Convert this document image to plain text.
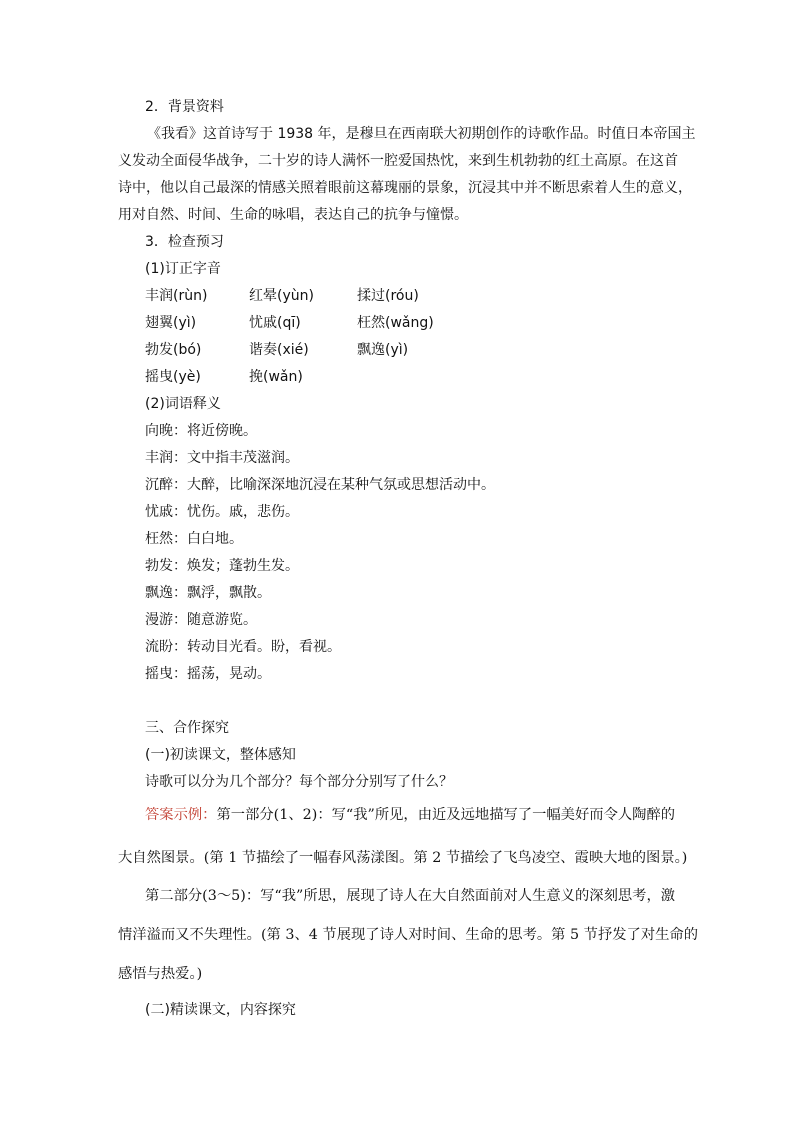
2．背景资料
《我看》这首诗写于 1938 年，是穆旦在西南联大初期创作的诗歌作品。时值日本帝国主
义发动全面侵华战争，二十岁的诗人满怀一腔爱国热忱，来到生机勃勃的红土高原。在这首
诗中，他以自己最深的情感关照着眼前这幕瑰丽的景象，沉浸其中并不断思索着人生的意义，
用对自然、时间、生命的咏唱，表达自己的抗争与憧憬。
3．检查预习
(1)订正字音
丰润(rùn)	红晕(yùn)	揉过(róu)
翅翼(yì)	忧戚(qī)	枉然(wǎng)
勃发(bó)	谐奏(xié)	飘逸(yì)
摇曳(yè)	挽(wǎn)
(2)词语释义
向晚：将近傍晚。
丰润：文中指丰茂滋润。
沉醉：大醉，比喻深深地沉浸在某种气氛或思想活动中。
忧戚：忧伤。戚，悲伤。
枉然：白白地。
勃发：焕发；蓬勃生发。
飘逸：飘浮，飘散。
漫游：随意游览。
流盼：转动目光看。盼，看视。
摇曳：摇荡，晃动。
三、合作探究
(一)初读课文，整体感知
诗歌可以分为几个部分？每个部分分别写了什么？
答案示例：第一部分(1、2)：写“我”所见，由近及远地描写了一幅美好而令人陶醉的
大自然图景。(第 1 节描绘了一幅春风荡漾图。第 2 节描绘了飞鸟凌空、霞映大地的图景。)
第二部分(3～5)：写“我”所思，展现了诗人在大自然面前对人生意义的深刻思考，激
情洋溢而又不失理性。(第 3、4 节展现了诗人对时间、生命的思考。第 5 节抒发了对生命的
感悟与热爱。)
(二)精读课文，内容探究
